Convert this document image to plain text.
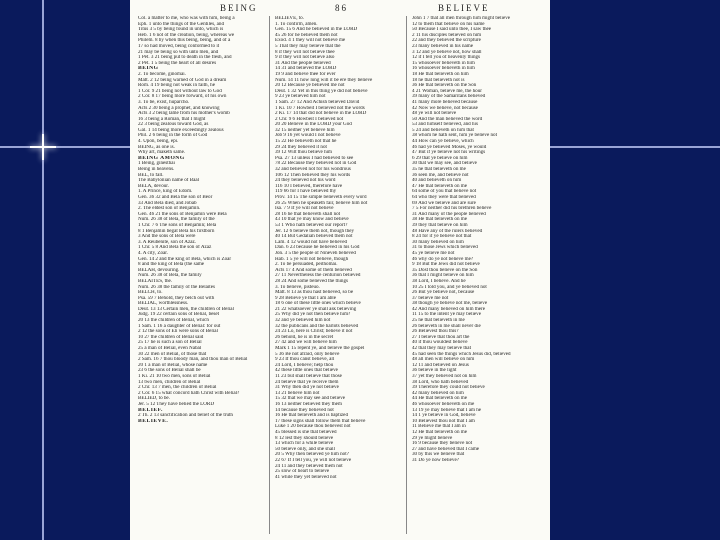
BEING	86	BELIEVE
Col. a matter to me, who was with him, being a
Eph. 1 unto the things of the Gentiles, and
Titus 3 5 by being found in unto, which is
Heb. 1 6 not of the creation, being, whereas we
Philem. 8 by when this being, being, and of a
17 so had moved, being conformed to it
21 may be being so with unto men, and
1 Pet. 3 21 being put to death in the flesh, and
2 Pet. 1 5 being the heart of all desires
BEING
2. To become, ginomai.
Matt. 2 12 being warned of God in a dream
Rom. 4 19 being not weak in faith, he
1 Cor. 9 21 being not without law to God
2 Cor. 8 17 being more forward, of his own
3. To be, exist, huparchō.
Acts 2 30 being a prophet, and knowing
Acts 3 2 being lame from his mother's womb
16 3 being a Roman, that I might
22 3 being zealous toward God, as
Gal. 1 14 being more exceedingly zealous
Phil. 2 6 being in the form of God
4. Upon, being, epi.
BEING, as one is.
Why art, maketh same.
BEING AMONG
1 Being, ginesthai
Being in heavens.
BEL, to fall.
The Babylonian name of Baal
BELA, devour.
1. A Prince, king of Edom.
Gen. 36 32 and Bela the son of Beor
33 And Bela died, and Jobab
2. The eldest son of Benjamin.
Gen. 46 21 the sons of Benjamin were Bela
Num. 26 38 of Bela, the family of the
1 Chr. 7 6 The sons of Benjamin; Bela
8 1 Benjamin begat Bela his firstborn
3 And the sons of Bela were
3. A Reubenite, son of Azaz.
1 Chr. 5 8 And Bela the son of Azaz
4. A city, Zoar.
Gen. 14 2 and the king of Bela, which is Zoar
8 and the king of Bela (the same
BELAH, devouring.
Num. 26 38 of Bela, the family
BELAITES, the.
Num. 26 38 the family of the Belaites
BELCH, to.
Psa. 59 7 Behold, they belch out with
BELIAL, worthlessness.
Deut. 13 13 Certain men, the children of Belial
Judg. 19 22 certain sons of Belial, beset
20 13 the children of Belial, which
1 Sam. 1 16 a daughter of Belial: for out
2 12 the sons of Eli were sons of Belial
10 27 the children of Belial said
25 17 he is such a son of Belial
25 a man of Belial, even Nabal
30 22 men of Belial, of those that
2 Sam. 16 7 thou bloody man, and thou man of Belial
20 1 a man of Belial, whose name
23 6 the sons of Belial shall be
1 Ki. 21 10 two men, sons of Belial
13 two men, children of Belial
2 Chr. 13 7 men, the children of Belial
2 Cor. 6 15 what concord hath Christ with Belial?
BELIED, to be.
Jer. 5 12 They have belied the LORD
BELIEF.
2 Th. 2 13 sanctification and belief of the truth
BELIEVE.
BELIEVE, to.
1. To confirm, amen.
Gen. 15 6 And he believed in the LORD
45 26 for he believed them not
Exod. 4 1 they will not believe me
5 That they may believe that the
8 if they will not believe thee
9 if they will not believe also
31 And the people believed
14 31 and believed the LORD
19 9 and believe thee for ever
Num. 14 11 how long will it be ere they believe
20 12 Because ye believed me not
Deut. 1 32 Yet in this thing ye did not believe
9 23 ye believed him not
1 Sam. 27 12 And Achish believed David
1 Ki. 10 7 Howbeit I believed not the words
2 Ki. 17 14 that did not believe in the LORD
2 Chr. 9 6 Howbeit I believed not
20 20 Believe in the LORD your God
32 15 neither yet believe him
Job 9 16 yet would I not believe
15 22 He believeth not that he
29 24 they believed it not
39 12 Wilt thou believe him
Psa. 27 13 unless I had believed to see
78 22 Because they believed not in God
32 and believed not for his wondrous
106 12 Then believed they his words
24 they believed not his word
116 10 I believed, therefore have
119 66 for I have believed thy
Prov. 14 15 The simple believeth every word
26 25 When he speaketh fair, believe him not
Isa. 7 9 If ye will not believe
28 16 he that believeth shall not
43 10 that ye may know and believe
53 1 Who hath believed our report?
Jer. 12 6 believe them not, though they
40 14 But Gedaliah believed them not
Lam. 4 12 would not have believed
Dan. 6 23 because he believed in his God
Jon. 3 5 the people of Nineveh believed
Hab. 1 5 ye will not believe, though
2. To be persuaded, peithomai.
Acts 17 4 And some of them believed
27 11 Nevertheless the centurion believed
28 24 And some believed the things
3. To believe, pisteuō.
Matt. 8 13 as thou hast believed, so be
9 28 Believe ye that I am able
18 6 one of these little ones which believe
21 22 whatsoever ye shall ask believing
25 Why did ye not then believe him?
32 and ye believed him not
32 the publicans and the harlots believed
24 23 Lo, here is Christ; believe it not
26 behold, he is in the secret
27 42 and we will believe him
Mark 1 15 repent ye, and believe the gospel
5 36 Be not afraid, only believe
9 23 If thou canst believe, all
24 Lord, I believe; help thou
42 these little ones that believe
11 23 but shall believe that those
24 believe that ye receive them
31 Why then did ye not believe
13 21 believe him not
15 32 that we may see and believe
16 13 neither believed they them
14 because they believed not
16 He that believeth and is baptized
17 these signs shall follow them that believe
Luke 1 20 because thou believest not
45 blessed is she that believed
8 12 lest they should believe
13 which for a while believe
50 believe only, and she shall
20 5 Why then believed ye him not?
22 67 If I tell you, ye will not believe
24 11 and they believed them not
25 slow of heart to believe
41 while they yet believed not
John 1 7 that all men through him might believe
12 to them that believe on his name
50 Because I said unto thee, I saw thee
2 11 his disciples believed on him
22 and they believed the scripture
23 many believed in his name
3 12 and ye believe not, how shall
12 if I tell you of heavenly things
15 whosoever believeth in him
16 whosoever believeth in him
18 He that believeth on him
18 he that believeth not is
36 He that believeth on the Son
4 21 Woman, believe me, the hour
39 many of the Samaritans believed
41 many more believed because
42 Now we believe, not because
48 ye will not believe
50 And the man believed the word
53 and himself believed, and his
5 24 and believeth on him that
38 whom he hath sent, him ye believe not
44 How can ye believe, which
46 had ye believed Moses, ye would
47 But if ye believe not his writings
6 29 that ye believe on him
30 that we may see, and believe
35 he that believeth on me
36 seen me, and believe not
40 and believeth on him
47 He that believeth on me
64 some of you that believe not
64 who they were that believed
69 And we believe and are sure
7 5 For neither did his brethren believe
31 And many of the people believed
38 He that believeth on me
39 they that believe on him
48 Have any of the rulers believed
8 24 for if ye believe not that
30 many believed on him
31 to those Jews which believed
45 ye believe me not
46 why do ye not believe me?
9 18 But the Jews did not believe
35 Dost thou believe on the Son
36 that I might believe on him
38 Lord, I believe. And he
10 25 I told you, and ye believed not
26 But ye believe not, because
37 believe me not
38 though ye believe not me, believe
42 And many believed on him there
11 15 to the intent ye may believe
25 he that believeth in me
26 believeth in me shall never die
26 Believest thou this?
27 I believe that thou art the
40 if thou wouldest believe
42 that they may believe that
45 had seen the things which Jesus did, believed
48 all men will believe on him
12 11 and believed on Jesus
36 believe in the light
37 yet they believed not on him
38 Lord, who hath believed
39 Therefore they could not believe
42 many believed on him
44 He that believeth on me
46 whosoever believeth on me
13 19 ye may believe that I am he
14 1 ye believe in God, believe
10 Believest thou not that I am
11 Believe me that I am in
12 He that believeth on me
29 ye might believe
16 9 because they believe not
27 and have believed that I came
30 by this we believe that
31 Do ye now believe?
